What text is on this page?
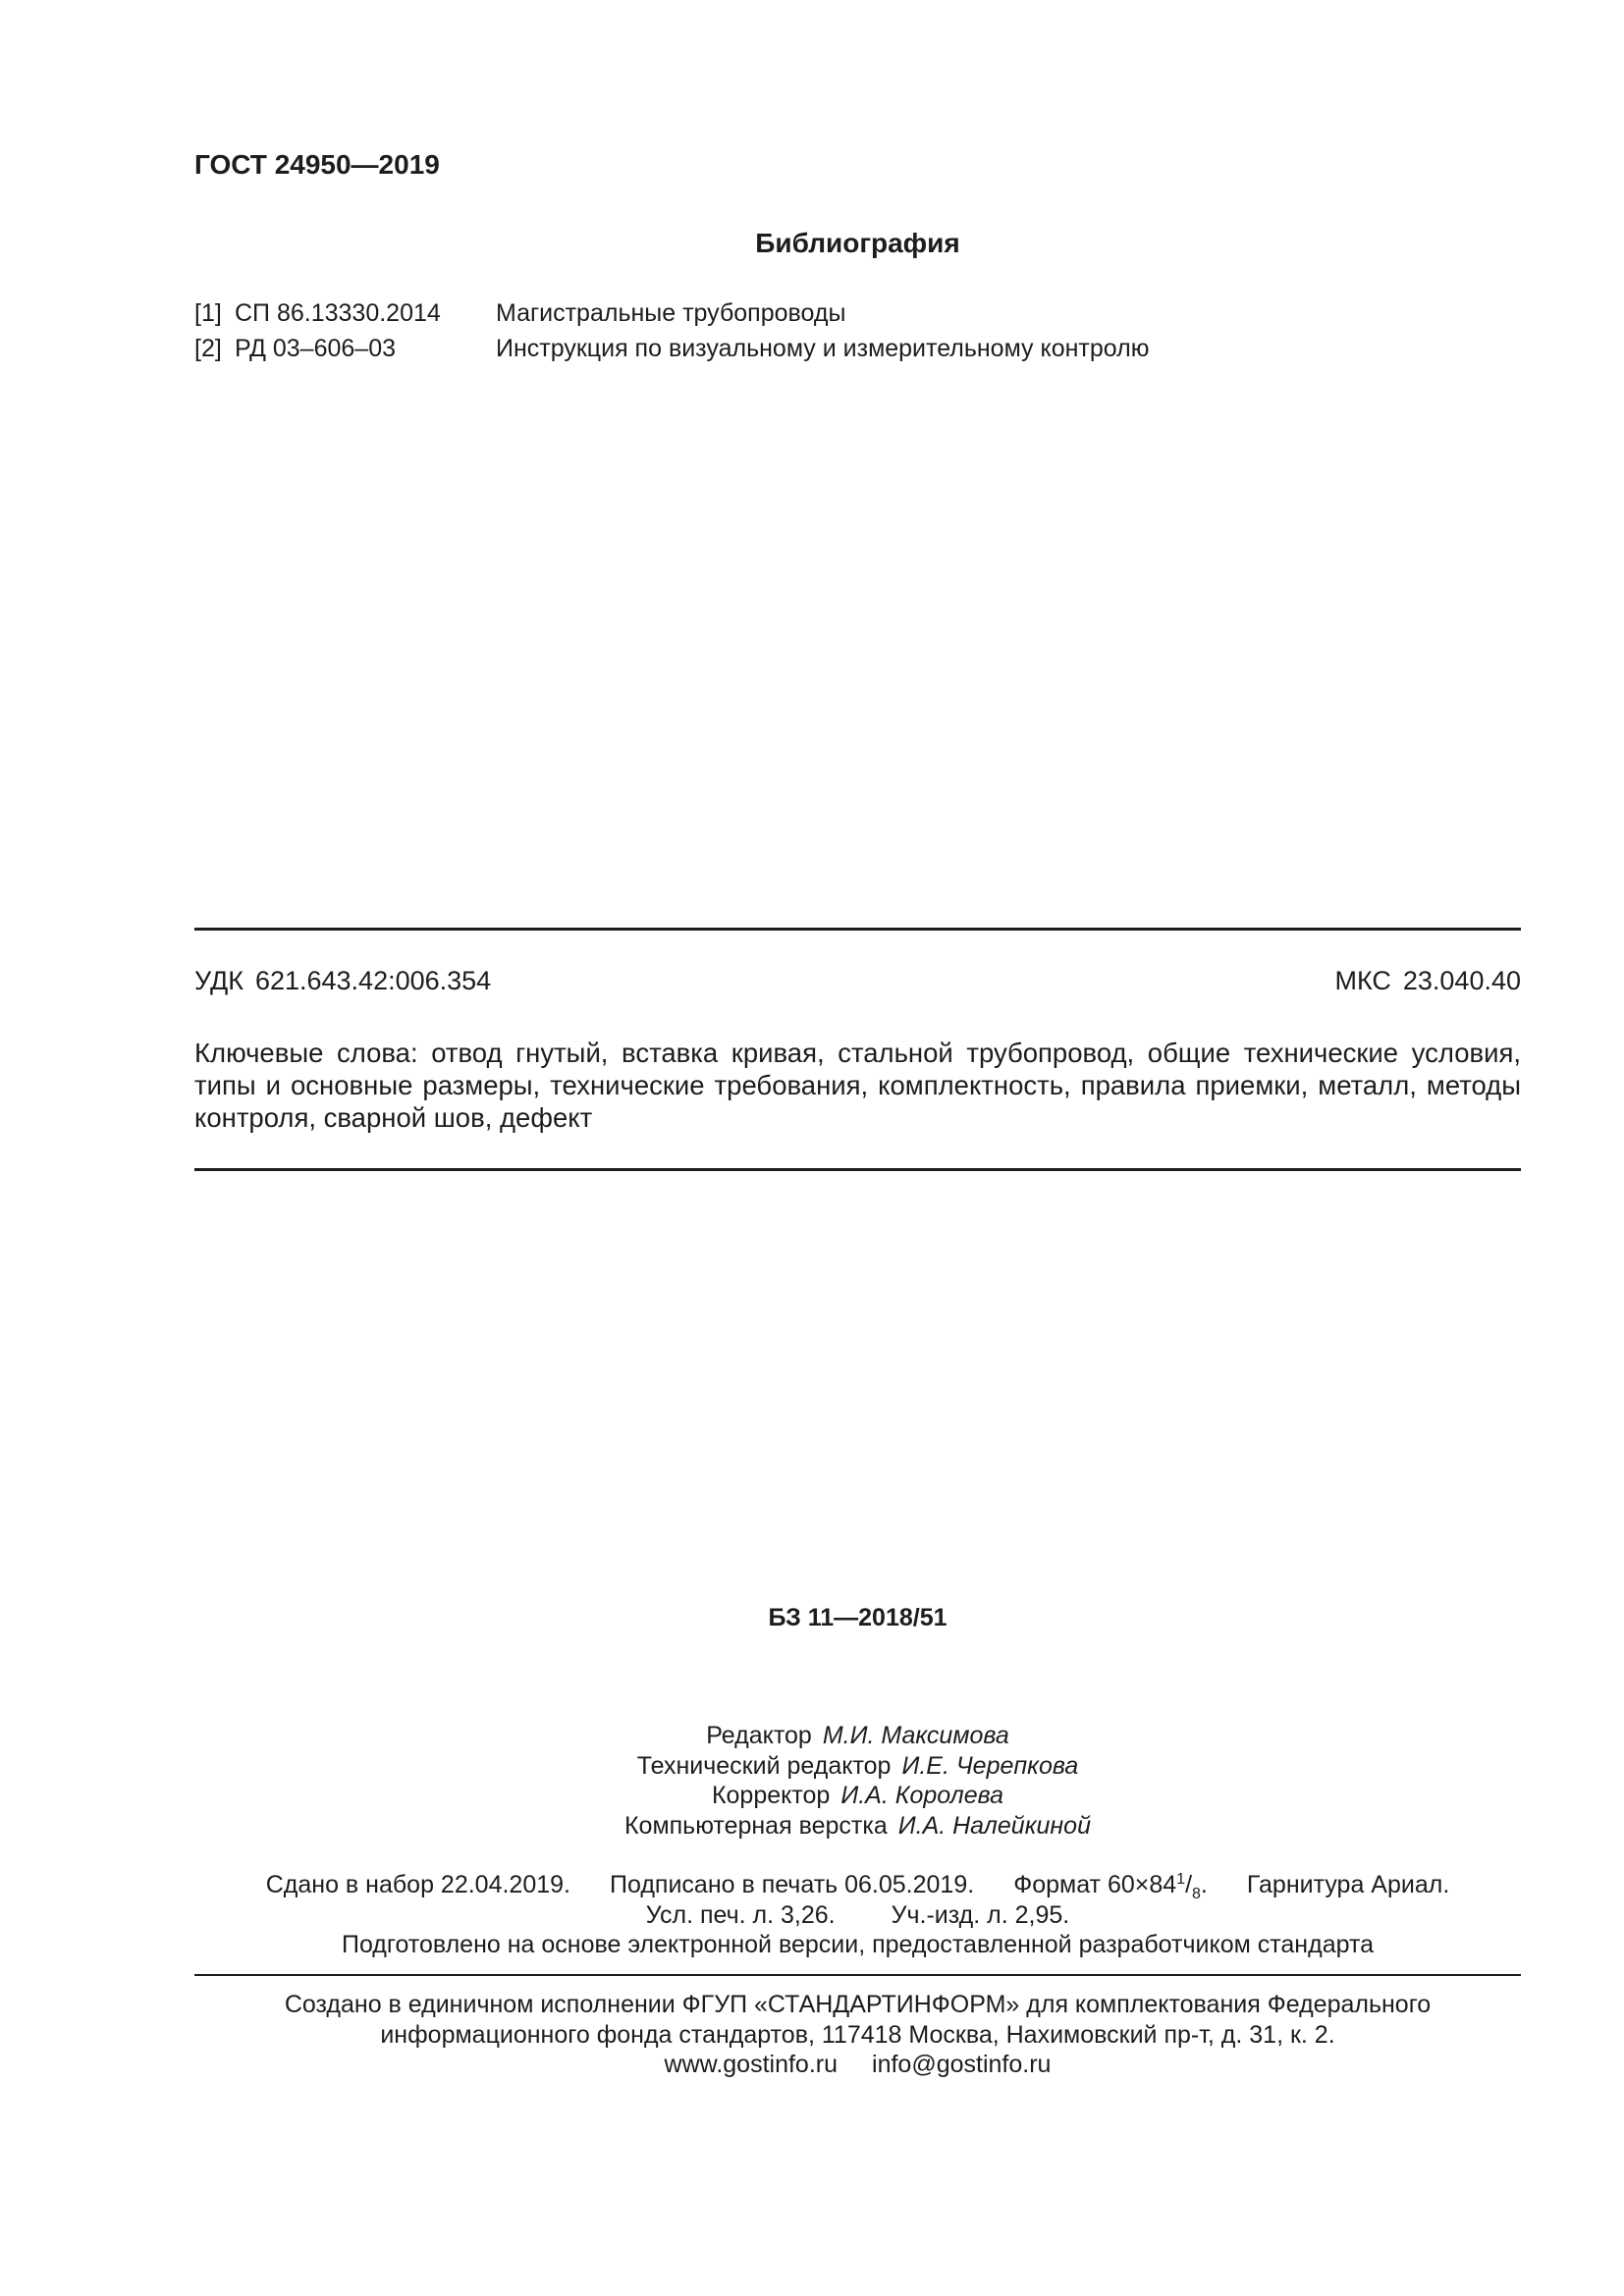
ГОСТ 24950—2019
Библиография
[1] СП 86.13330.2014 Магистральные трубопроводы
[2] РД 03–606–03	Инструкция по визуальному и измерительному контролю
УДК 621.643.42:006.354	МКС 23.040.40
Ключевые слова: отвод гнутый, вставка кривая, стальной трубопровод, общие технические условия,
типы и основные размеры, технические требования, комплектность, правила приемки, металл, методы
контроля, сварной шов, дефект
БЗ 11—2018/51
Редактор М.И. Максимова
Технический редактор И.Е. Черепкова
Корректор И.А. Королева
Компьютерная верстка И.А. Налейкиной
Сдано в набор 22.04.2019. Подписано в печать 06.05.2019. Формат $60\times 84^1/_8$. Гарнитура Ариал.
Усл. печ. л. 3,26. Уч.-изд. л. 2,95.
Подготовлено на основе электронной версии, предоставленной разработчиком стандарта
Создано в единичном исполнении ФГУП «СТАНДАРТИНФОРМ» для комплектования Федерального
информационного фонда стандартов, 117418 Москва, Нахимовский пр-т, д. 31, к. 2.
www.gostinfo.ru info@gostinfo.ru
